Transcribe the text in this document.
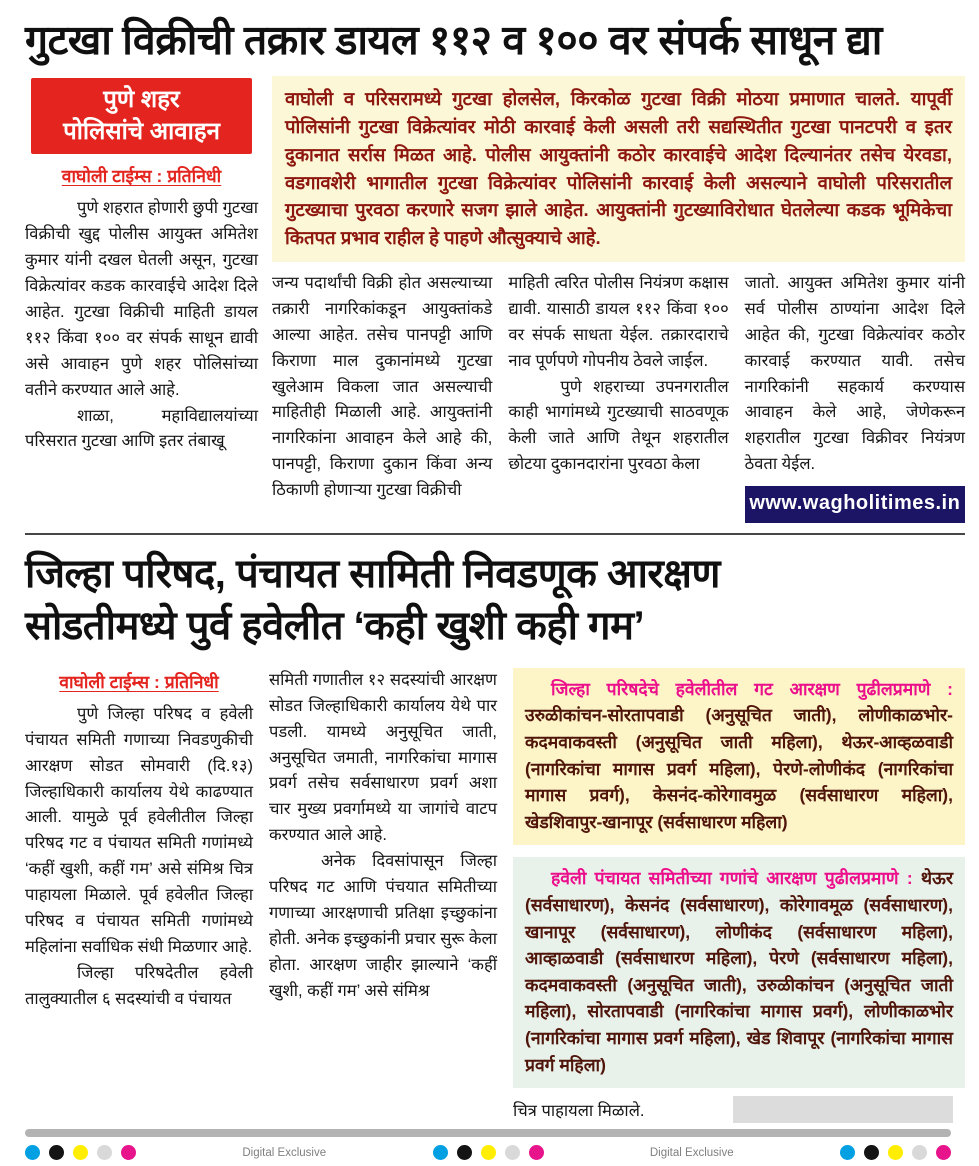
गुटखा विक्रीची तक्रार डायल ११२ व १०० वर संपर्क साधून द्या
पुणे शहर
पोलिसांचे आवाहन
वाघोली टाईम्स : प्रतिनिधी

पुणे शहरात होणारी छुपी गुटखा विक्रीची खुद्द पोलीस आयुक्त अमितेश कुमार यांनी दखल घेतली असून, गुटखा विक्रेत्यांवर कडक कारवाईचे आदेश दिले आहेत. गुटखा विक्रीची माहिती डायल ११२ किंवा १०० वर संपर्क साधून द्यावी असे आवाहन पुणे शहर पोलिसांच्या वतीने करण्यात आले आहे.

शाळा, महाविद्यालयांच्या परिसरात गुटखा आणि इतर तंबाखू

वाघोली व परिसरामध्ये गुटखा होलसेल, किरकोळ गुटखा विक्री मोठया प्रमाणात चालते. यापूर्वी पोलिसांनी गुटखा विक्रेत्यांवर मोठी कारवाई केली असली तरी सद्यस्थितीत गुटखा पानटपरी व इतर दुकानात सर्रास मिळत आहे. पोलीस आयुक्तांनी कठोर कारवाईचे आदेश दिल्यानंतर तसेच येरवडा, वडगावशेरी भागातील गुटखा विक्रेत्यांवर पोलिसांनी कारवाई केली असल्याने वाघोली परिसरातील गुटख्याचा पुरवठा करणारे सजग झाले आहेत. आयुक्तांनी गुटख्याविरोधात घेतलेल्या कडक भूमिकेचा कितपत प्रभाव राहील हे पाहणे औत्सुक्याचे आहे.

जन्य पदार्थांची विक्री होत असल्याच्या तक्रारी नागरिकांकडून आयुक्तांकडे आल्या आहेत. तसेच पानपट्टी आणि किराणा माल दुकानांमध्ये गुटखा खुलेआम विकला जात असल्याची माहितीही मिळाली आहे. आयुक्तांनी नागरिकांना आवाहन केले आहे की, पानपट्टी, किराणा दुकान किंवा अन्य ठिकाणी होणाऱ्या गुटखा विक्रीची

माहिती त्वरित पोलीस नियंत्रण कक्षास द्यावी. यासाठी डायल ११२ किंवा १०० वर संपर्क साधता येईल. तक्रारदाराचे नाव पूर्णपणे गोपनीय ठेवले जाईल.

पुणे शहराच्या उपनगरातील काही भागांमध्ये गुटख्याची साठवणूक केली जाते आणि तेथून शहरातील छोटया दुकानदारांना पुरवठा केला

जातो. आयुक्त अमितेश कुमार यांनी सर्व पोलीस ठाण्यांना आदेश दिले आहेत की, गुटखा विक्रेत्यांवर कठोर कारवाई करण्यात यावी. तसेच नागरिकांनी सहकार्य करण्यास आवाहन केले आहे, जेणेकरून शहरातील गुटखा विक्रीवर नियंत्रण ठेवता येईल.

www.wagholitimes.in
जिल्हा परिषद, पंचायत सामिती निवडणूक आरक्षण
सोडतीमध्ये पुर्व हवेलीत ‘कही खुशी कही गम’
वाघोली टाईम्स : प्रतिनिधी

पुणे जिल्हा परिषद व हवेली पंचायत समिती गणाच्या निवडणुकीची आरक्षण सोडत सोमवारी (दि.१३) जिल्हाधिकारी कार्यालय येथे काढण्यात आली. यामुळे पूर्व हवेलीतील जिल्हा परिषद गट व पंचायत समिती गणांमध्ये ‘कहीं खुशी, कहीं गम’ असे संमिश्र चित्र पाहायला मिळाले. पूर्व हवेलीत जिल्हा परिषद व पंचायत समिती गणांमध्ये महिलांना सर्वाधिक संधी मिळणार आहे.

जिल्हा परिषदेतील हवेली तालुक्यातील ६ सदस्यांची व पंचायत

समिती गणातील १२ सदस्यांची आरक्षण सोडत जिल्हाधिकारी कार्यालय येथे पार पडली. यामध्ये अनुसूचित जाती, अनुसूचित जमाती, नागरिकांचा मागास प्रवर्ग तसेच सर्वसाधारण प्रवर्ग अशा चार मुख्य प्रवर्गामध्ये या जागांचे वाटप करण्यात आले आहे.

अनेक दिवसांपासून जिल्हा परिषद गट आणि पंचयात समितीच्या गणाच्या आरक्षणाची प्रतिक्षा इच्छुकांना होती. अनेक इच्छुकांनी प्रचार सुरू केला होता. आरक्षण जाहीर झाल्याने ‘कहीं खुशी, कहीं गम’ असे संमिश्र

जिल्हा परिषदेचे हवेलीतील गट आरक्षण पुढीलप्रमाणे : उरुळीकांचन-सोरतापवाडी (अनुसूचित जाती), लोणीकाळभोर-कदमवाकवस्ती (अनुसूचित जाती महिला), थेऊर-आव्हळवाडी (नागरिकांचा मागास प्रवर्ग महिला), पेरणे-लोणीकंद (नागरिकांचा मागास प्रवर्ग), केसनंद-कोरेगावमुळ (सर्वसाधारण महिला), खेडशिवापुर-खानापूर (सर्वसाधारण महिला)

हवेली पंचायत समितीच्या गणांचे आरक्षण पुढीलप्रमाणे : थेऊर (सर्वसाधारण), केसनंद (सर्वसाधारण), कोरेगावमूळ (सर्वसाधारण), खानापूर (सर्वसाधारण), लोणीकंद (सर्वसाधारण महिला), आव्हाळवाडी (सर्वसाधारण महिला), पेरणे (सर्वसाधारण महिला), कदमवाकवस्ती (अनुसूचित जाती), उरुळीकांचन (अनुसूचित जाती महिला), सोरतापवाडी (नागरिकांचा मागास प्रवर्ग), लोणीकाळभोर (नागरिकांचा मागास प्रवर्ग महिला), खेड शिवापूर (नागरिकांचा मागास प्रवर्ग महिला)

चित्र पाहायला मिळाले.
Digital Exclusive	Digital Exclusive
